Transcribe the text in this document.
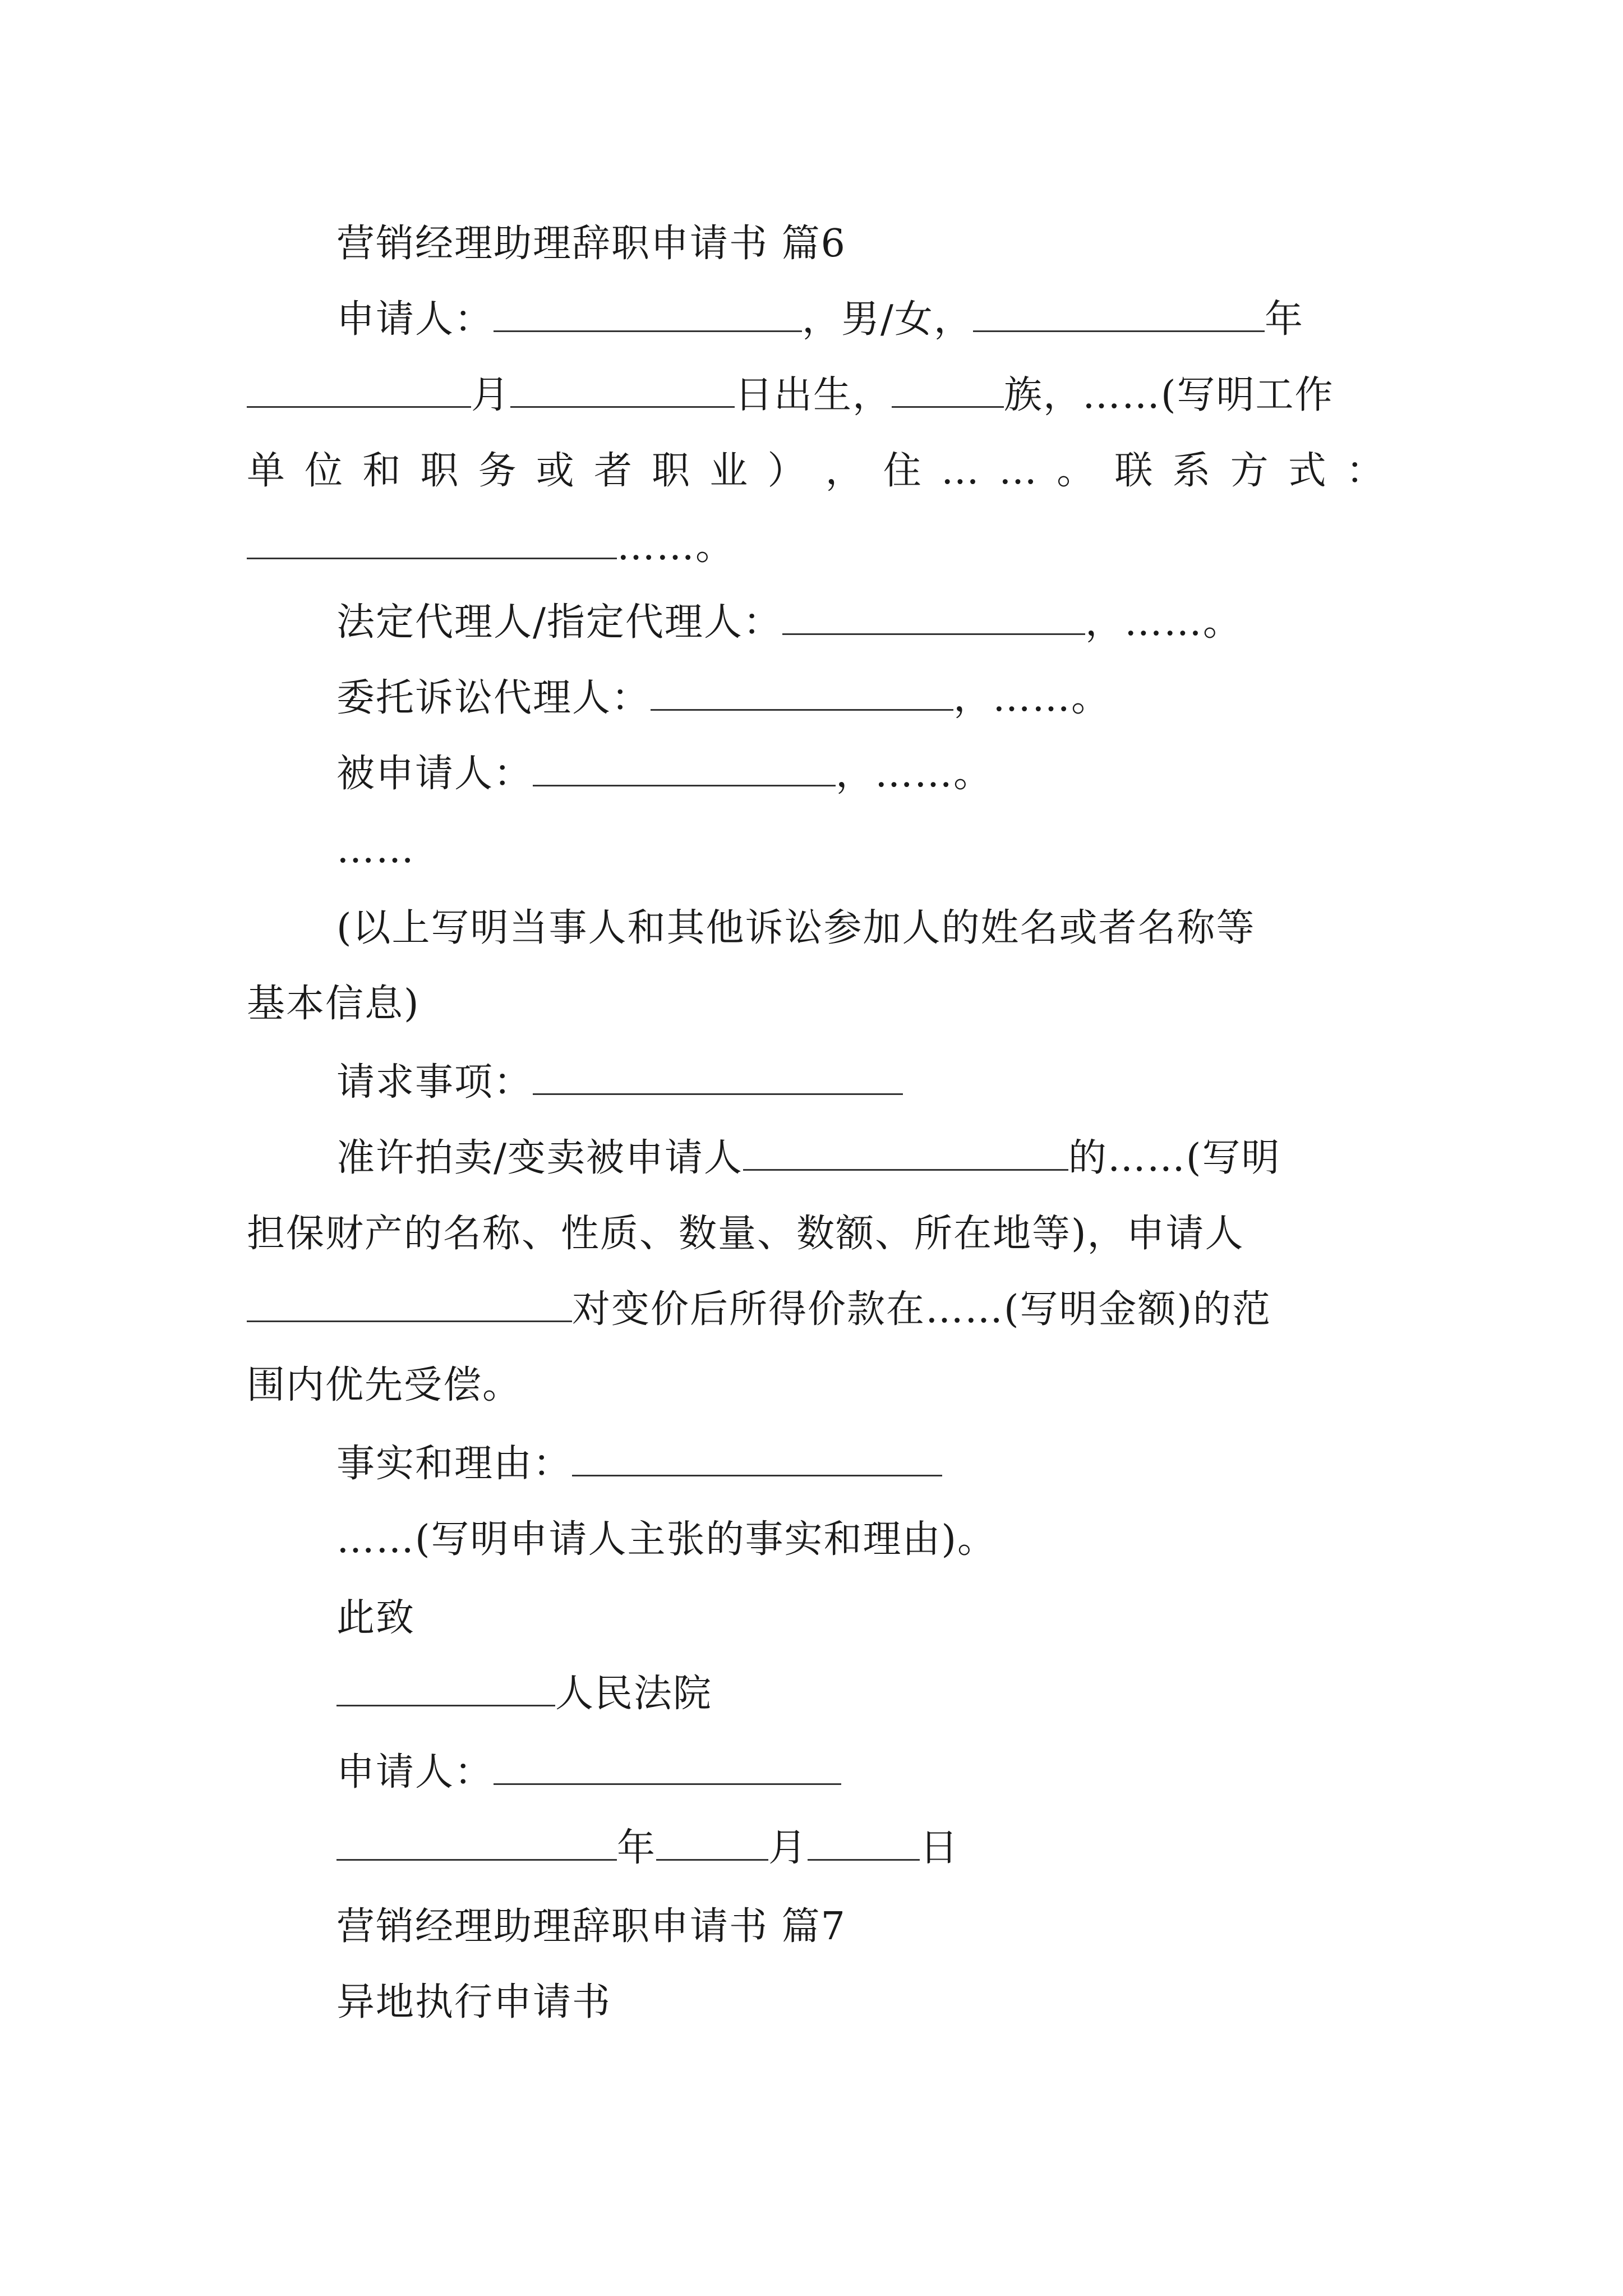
营销经理助理辞职申请书 篇6
申请人：	，男/女，	年
月	日出生，	族，……(写明工作
单 位 和 职 务 或 者 职 业 ） ， 住 … … 。 联 系 方 式 ：
……。
法定代理人/指定代理人：	，……。
委托诉讼代理人：	，……。
被申请人：	，……。
……
(以上写明当事人和其他诉讼参加人的姓名或者名称等
基本信息)
请求事项：
准许拍卖/变卖被申请人	的……(写明
担保财产的名称、性质、数量、数额、所在地等)，申请人
对变价后所得价款在……(写明金额)的范
围内优先受偿。
事实和理由：
……(写明申请人主张的事实和理由)。
此致
人民法院
申请人：
年	月	日
营销经理助理辞职申请书 篇7
异地执行申请书
